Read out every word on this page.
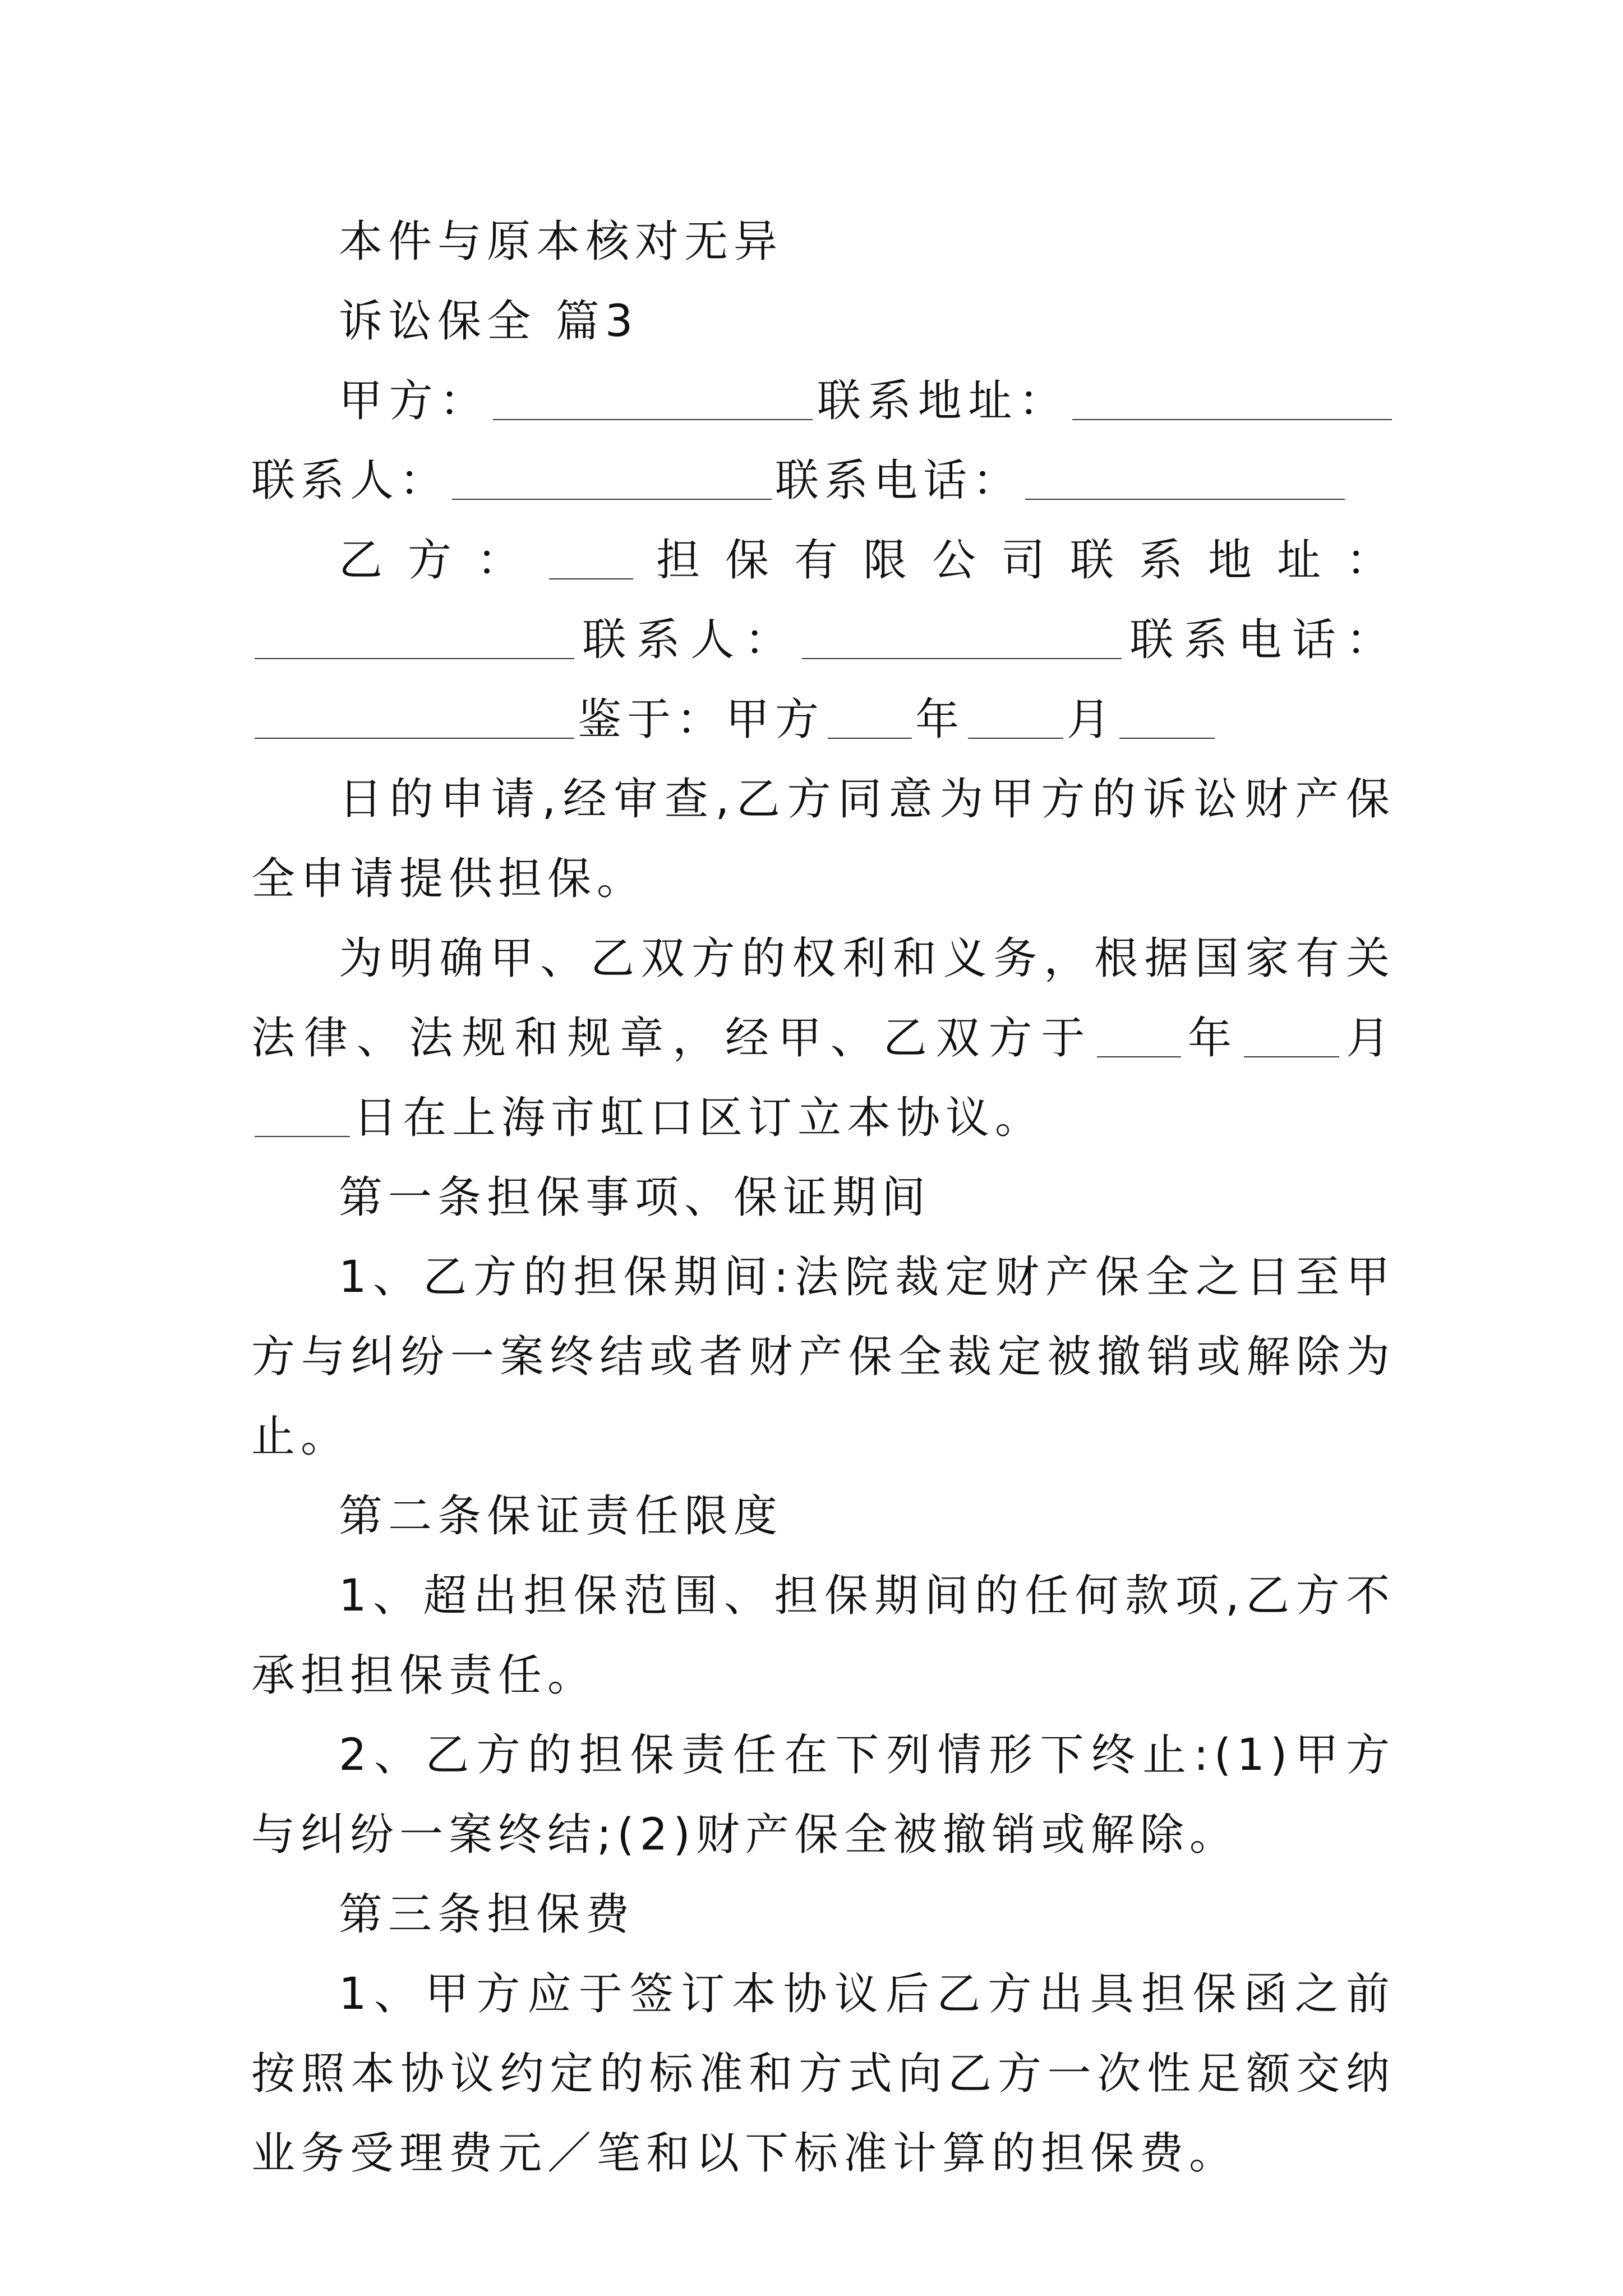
本件与原本核对无异

诉讼保全 篇3

甲方：	联系地址：联系人：	联系电话：

乙方： 担保有限公司联系地址：联系人：	联系电话：鉴于：甲方 年 月

日的申请,经审查,乙方同意为甲方的诉讼财产保全申请提供担保。

为明确甲、乙双方的权利和义务，根据国家有关法律、法规和规章，经甲、乙双方于 年 月日在上海市虹口区订立本协议。

第一条担保事项、保证期间

1、乙方的担保期间:法院裁定财产保全之日至甲方与纠纷一案终结或者财产保全裁定被撤销或解除为止。

第二条保证责任限度

1、超出担保范围、担保期间的任何款项,乙方不承担担保责任。

2、乙方的担保责任在下列情形下终止:(1)甲方与纠纷一案终结;(2)财产保全被撤销或解除。

第三条担保费

1、甲方应于签订本协议后乙方出具担保函之前按照本协议约定的标准和方式向乙方一次性足额交纳业务受理费元／笔和以下标准计算的担保费。
